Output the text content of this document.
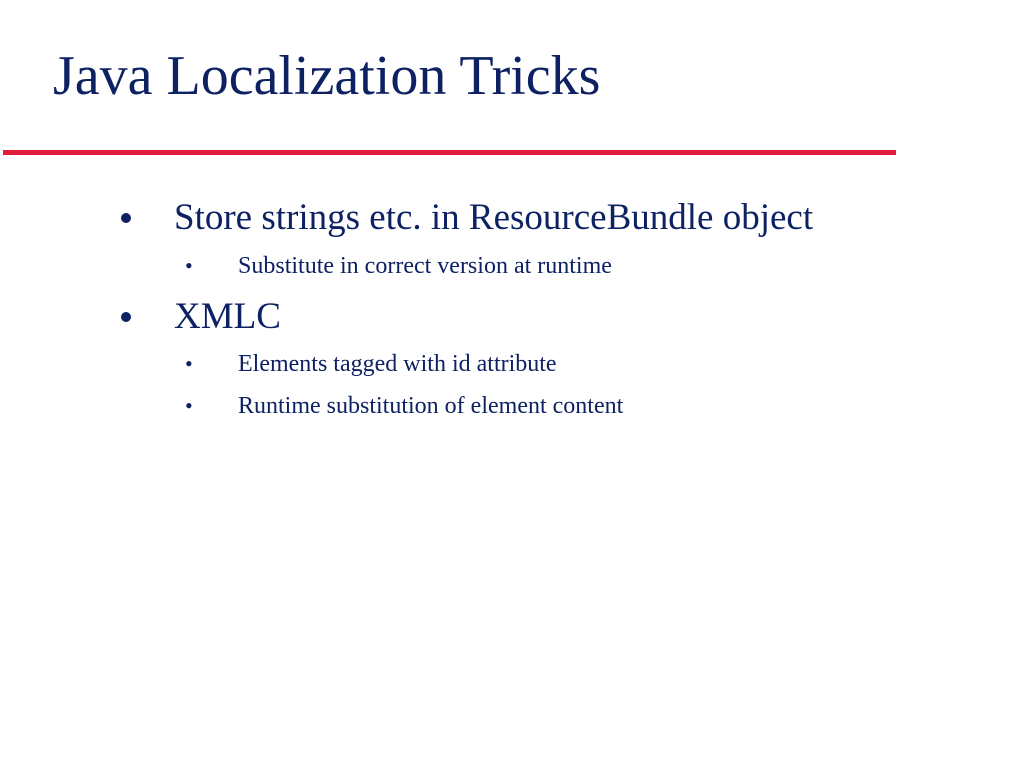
Java Localization Tricks
Store strings etc. in ResourceBundle object
• Substitute in correct version at runtime
XMLC
• Elements tagged with id attribute
• Runtime substitution of element content
